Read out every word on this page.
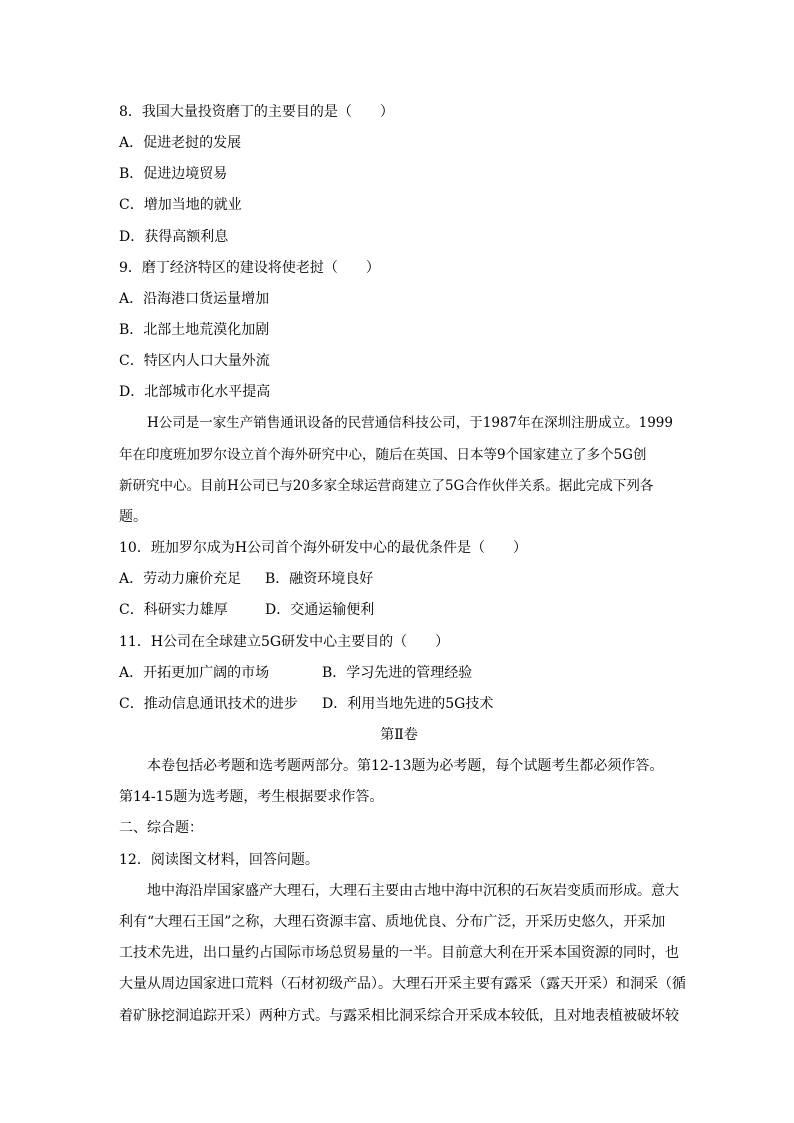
8．我国大量投资磨丁的主要目的是（　　）
A．促进老挝的发展
B．促进边境贸易
C．增加当地的就业
D．获得高额利息
9．磨丁经济特区的建设将使老挝（　　）
A．沿海港口货运量增加
B．北部土地荒漠化加剧
C．特区内人口大量外流
D．北部城市化水平提高
H公司是一家生产销售通讯设备的民营通信科技公司，于1987年在深圳注册成立。1999
年在印度班加罗尔设立首个海外研究中心，随后在英国、日本等9个国家建立了多个5G创
新研究中心。目前H公司已与20多家全球运营商建立了5G合作伙伴关系。据此完成下列各
题。
10．班加罗尔成为H公司首个海外研发中心的最优条件是（　　）
A．劳动力廉价充足 B．融资环境良好
C．科研实力雄厚	D．交通运输便利
11．H公司在全球建立5G研发中心主要目的（　　）
A．开拓更加广阔的市场	B．学习先进的管理经验
C．推动信息通讯技术的进步 D．利用当地先进的5G技术
第Ⅱ卷
本卷包括必考题和选考题两部分。第12-13题为必考题，每个试题考生都必须作答。
第14-15题为选考题，考生根据要求作答。
二、综合题：
12．阅读图文材料，回答问题。
地中海沿岸国家盛产大理石，大理石主要由古地中海中沉积的石灰岩变质而形成。意大
利有“大理石王国”之称，大理石资源丰富、质地优良、分布广泛，开采历史悠久，开采加
工技术先进，出口量约占国际市场总贸易量的一半。目前意大利在开采本国资源的同时，也
大量从周边国家进口荒料（石材初级产品）。大理石开采主要有露采（露天开采）和洞采（循
着矿脉挖洞追踪开采）两种方式。与露采相比洞采综合开采成本较低，且对地表植被破坏较
